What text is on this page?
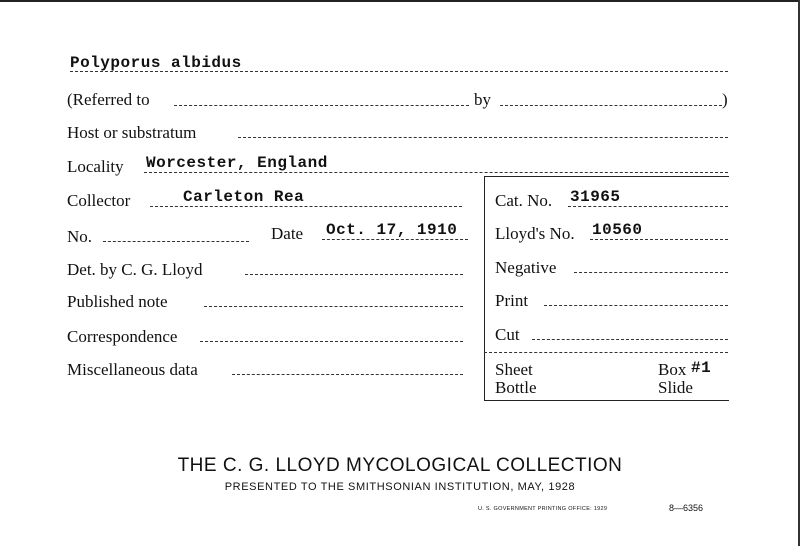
Polyporus albidus
(Referred to	by	)
Host or substratum
Locality Worcester, England
Collector	Carleton Rea
No.	Date Oct. 17, 1910
Det. by C. G. Lloyd
Published note
Correspondence
Miscellaneous data
Cat. No. 31965
Lloyd's No. 10560
Negative
Print
Cut
Sheet
Bottle
Box #1
Slide
THE C. G. LLOYD MYCOLOGICAL COLLECTION
PRESENTED TO THE SMITHSONIAN INSTITUTION, MAY, 1928
U. S. GOVERNMENT PRINTING OFFICE: 1929	8—6356
